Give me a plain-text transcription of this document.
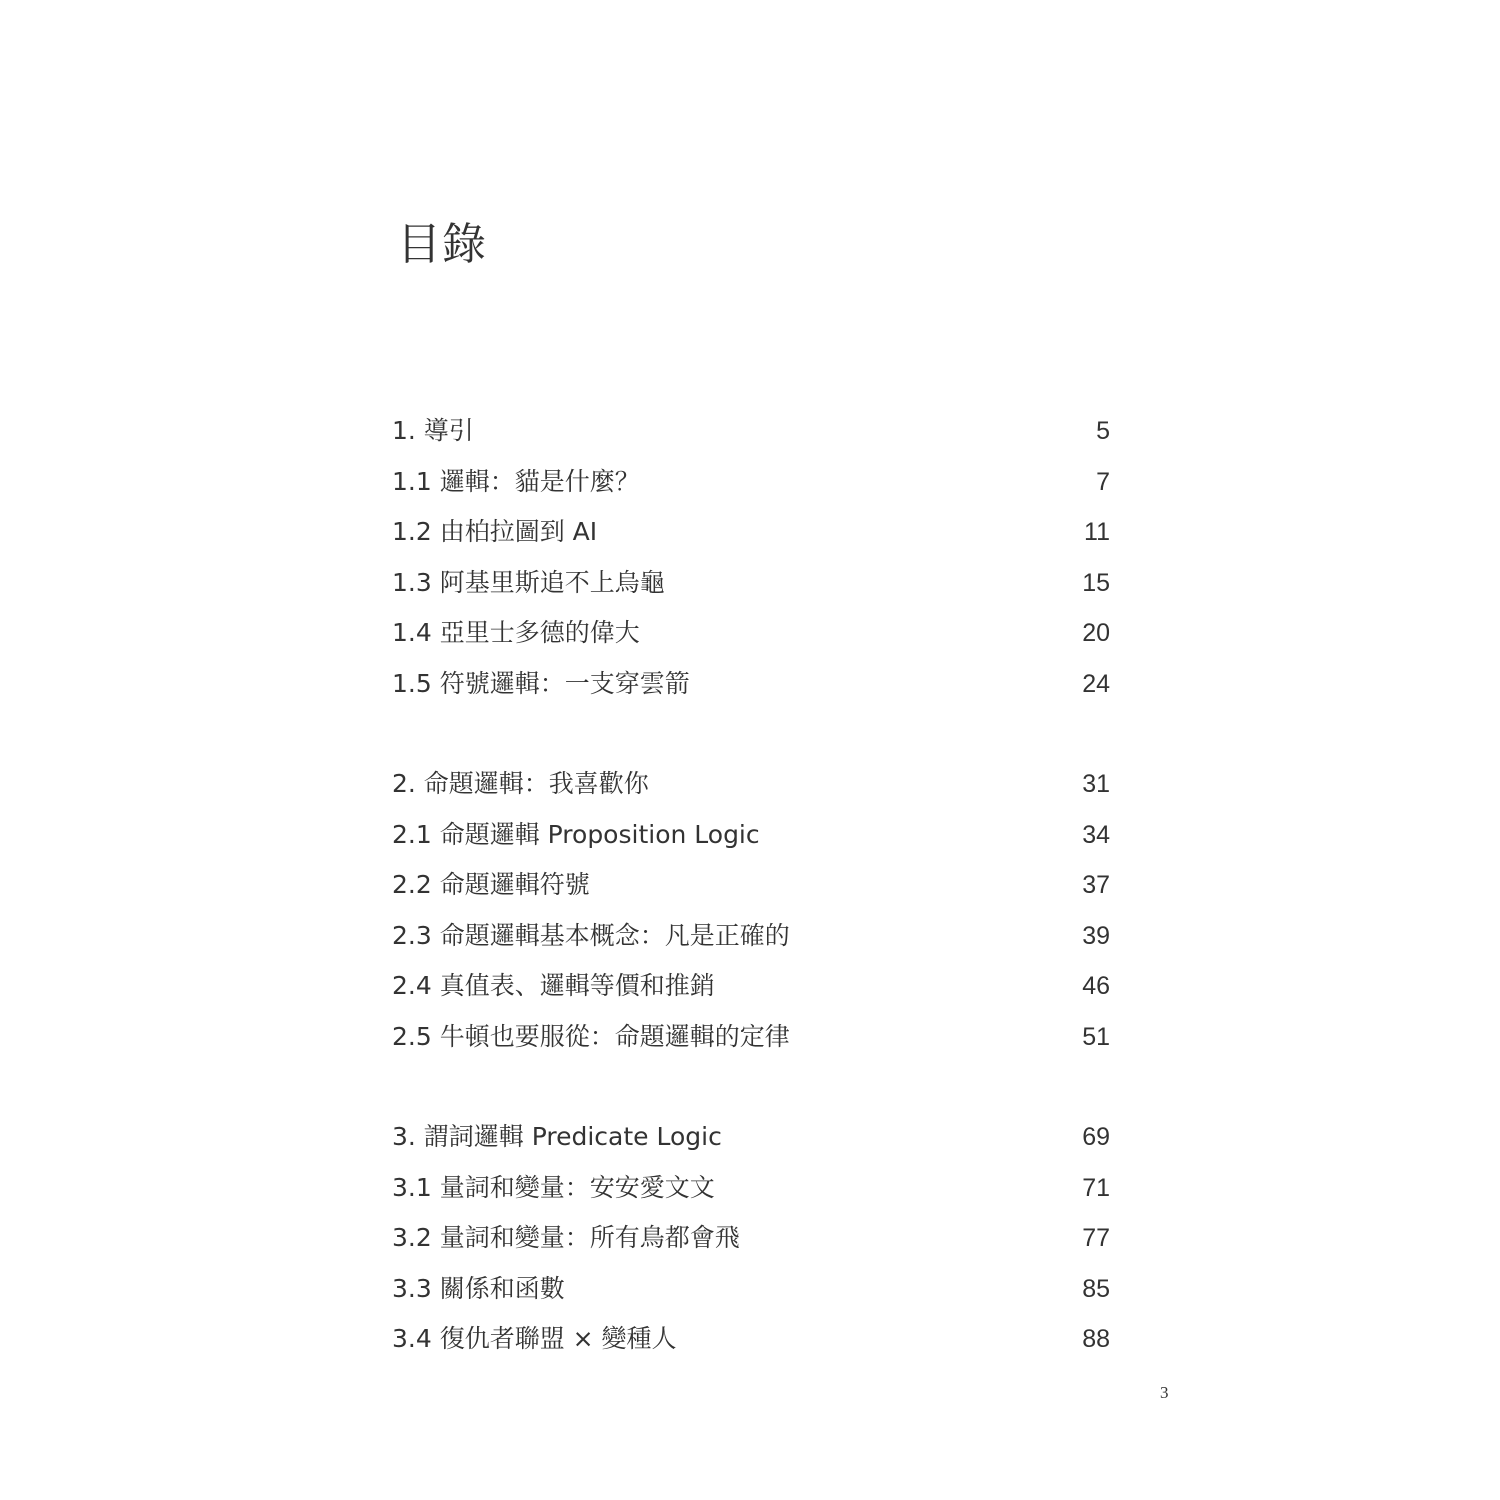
目錄
1. 導引	5
1.1 邏輯：貓是什麼？	7
1.2 由柏拉圖到 AI	11
1.3 阿基里斯追不上烏龜	15
1.4 亞里士多德的偉大	20
1.5 符號邏輯：一支穿雲箭	24
2. 命題邏輯：我喜歡你	31
2.1 命題邏輯 Proposition Logic	34
2.2 命題邏輯符號	37
2.3 命題邏輯基本概念：凡是正確的	39
2.4 真值表、邏輯等價和推銷	46
2.5 牛頓也要服從：命題邏輯的定律	51
3. 謂詞邏輯 Predicate Logic	69
3.1 量詞和變量：安安愛文文	71
3.2 量詞和變量：所有鳥都會飛	77
3.3 關係和函數	85
3.4 復仇者聯盟 × 變種人	88
3
